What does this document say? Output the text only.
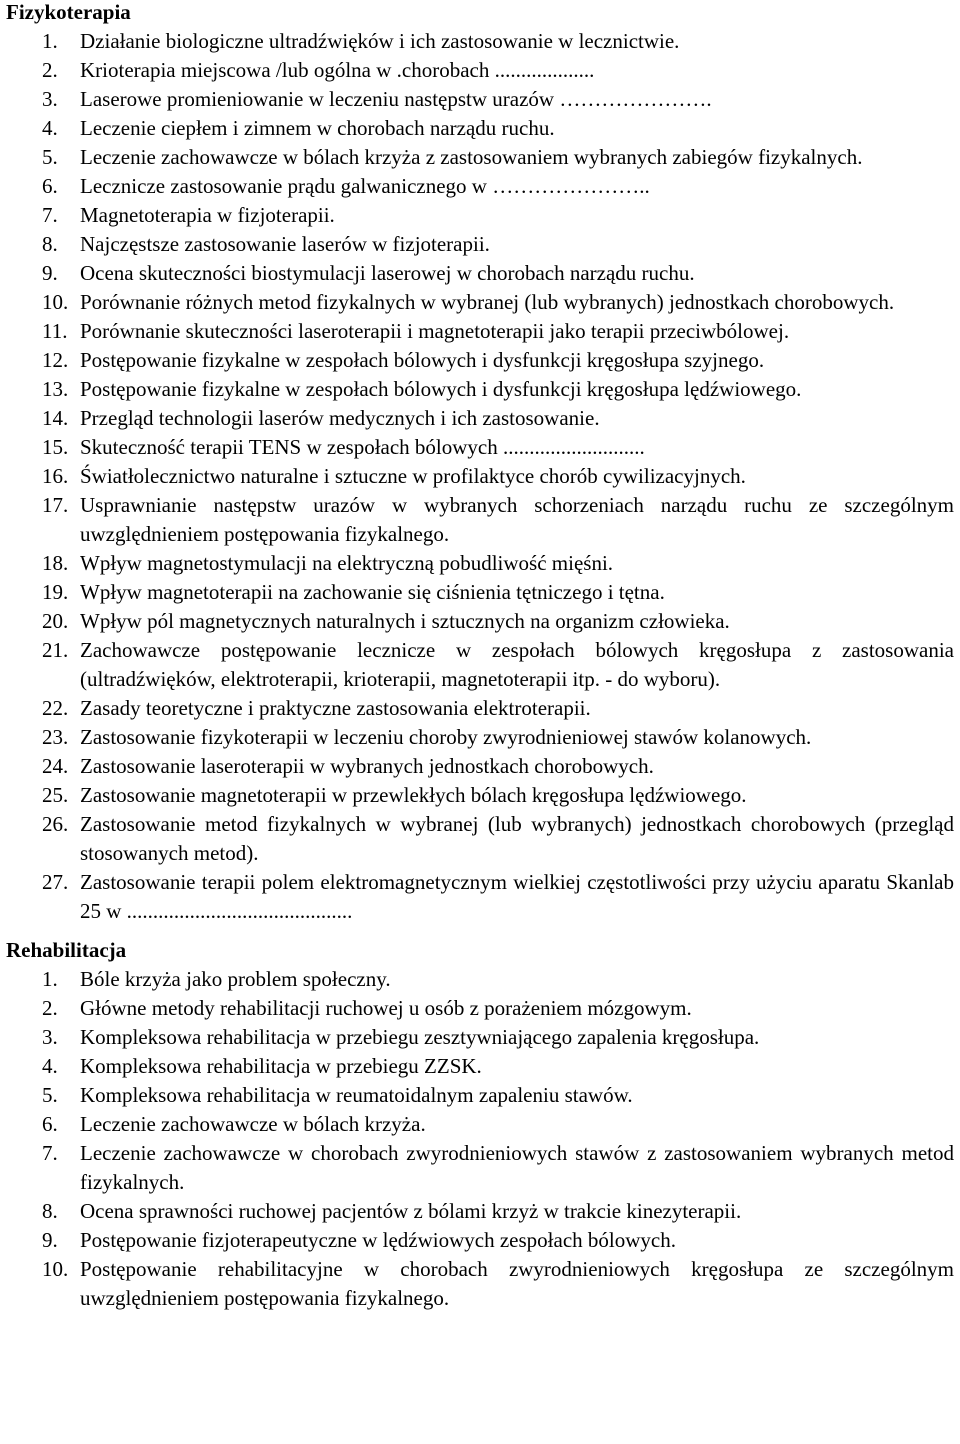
Fizykoterapia
1.	Działanie biologiczne ultradźwięków i ich zastosowanie w lecznictwie.
2.	Krioterapia miejscowa /lub ogólna w .chorobach ...................
3.	Laserowe promieniowanie w leczeniu następstw urazów ………………….
4.	Leczenie ciepłem i zimnem w chorobach narządu ruchu.
5.	Leczenie zachowawcze w bólach krzyża z zastosowaniem wybranych zabiegów fizykalnych.
6.	Lecznicze zastosowanie prądu galwanicznego w …………………..
7.	Magnetoterapia w fizjoterapii.
8.	Najczęstsze zastosowanie laserów w fizjoterapii.
9.	Ocena skuteczności biostymulacji laserowej w chorobach narządu ruchu.
10. Porównanie różnych metod fizykalnych w wybranej (lub wybranych) jednostkach chorobowych.
11. Porównanie skuteczności laseroterapii i magnetoterapii jako terapii przeciwbólowej.
12. Postępowanie fizykalne w zespołach bólowych i dysfunkcji kręgosłupa szyjnego.
13. Postępowanie fizykalne w zespołach bólowych i dysfunkcji kręgosłupa lędźwiowego.
14. Przegląd technologii laserów medycznych i ich zastosowanie.
15. Skuteczność terapii TENS w zespołach bólowych ...........................
16. Światłolecznictwo naturalne i sztuczne w profilaktyce chorób cywilizacyjnych.
17. Usprawnianie następstw urazów w wybranych schorzeniach narządu ruchu ze szczególnym uwzględnieniem postępowania fizykalnego.
18. Wpływ magnetostymulacji na elektryczną pobudliwość mięśni.
19. Wpływ magnetoterapii na zachowanie się ciśnienia tętniczego i tętna.
20. Wpływ pól magnetycznych naturalnych i sztucznych na organizm człowieka.
21. Zachowawcze postępowanie lecznicze w zespołach bólowych kręgosłupa z zastosowania (ultradźwięków, elektroterapii, krioterapii, magnetoterapii itp. - do wyboru).
22. Zasady teoretyczne i praktyczne zastosowania elektroterapii.
23. Zastosowanie fizykoterapii w leczeniu choroby zwyrodnieniowej stawów kolanowych.
24. Zastosowanie laseroterapii w wybranych jednostkach chorobowych.
25. Zastosowanie magnetoterapii w przewlekłych bólach kręgosłupa lędźwiowego.
26. Zastosowanie metod fizykalnych w wybranej (lub wybranych) jednostkach chorobowych (przegląd stosowanych metod).
27. Zastosowanie terapii polem elektromagnetycznym wielkiej częstotliwości przy użyciu aparatu Skanlab 25 w ...........................................
Rehabilitacja
1.	Bóle krzyża jako problem społeczny.
2.	Główne metody rehabilitacji ruchowej u osób z porażeniem mózgowym.
3.	Kompleksowa rehabilitacja w przebiegu zesztywniającego zapalenia kręgosłupa.
4.	Kompleksowa rehabilitacja w przebiegu ZZSK.
5.	Kompleksowa rehabilitacja w reumatoidalnym zapaleniu stawów.
6.	Leczenie zachowawcze w bólach krzyża.
7.	Leczenie zachowawcze w chorobach zwyrodnieniowych stawów z zastosowaniem wybranych metod fizykalnych.
8.	Ocena sprawności ruchowej pacjentów z bólami krzyż w trakcie kinezyterapii.
9.	Postępowanie fizjoterapeutyczne w lędźwiowych zespołach bólowych.
10. Postępowanie rehabilitacyjne w chorobach zwyrodnieniowych kręgosłupa ze szczególnym uwzględnieniem postępowania fizykalnego.
